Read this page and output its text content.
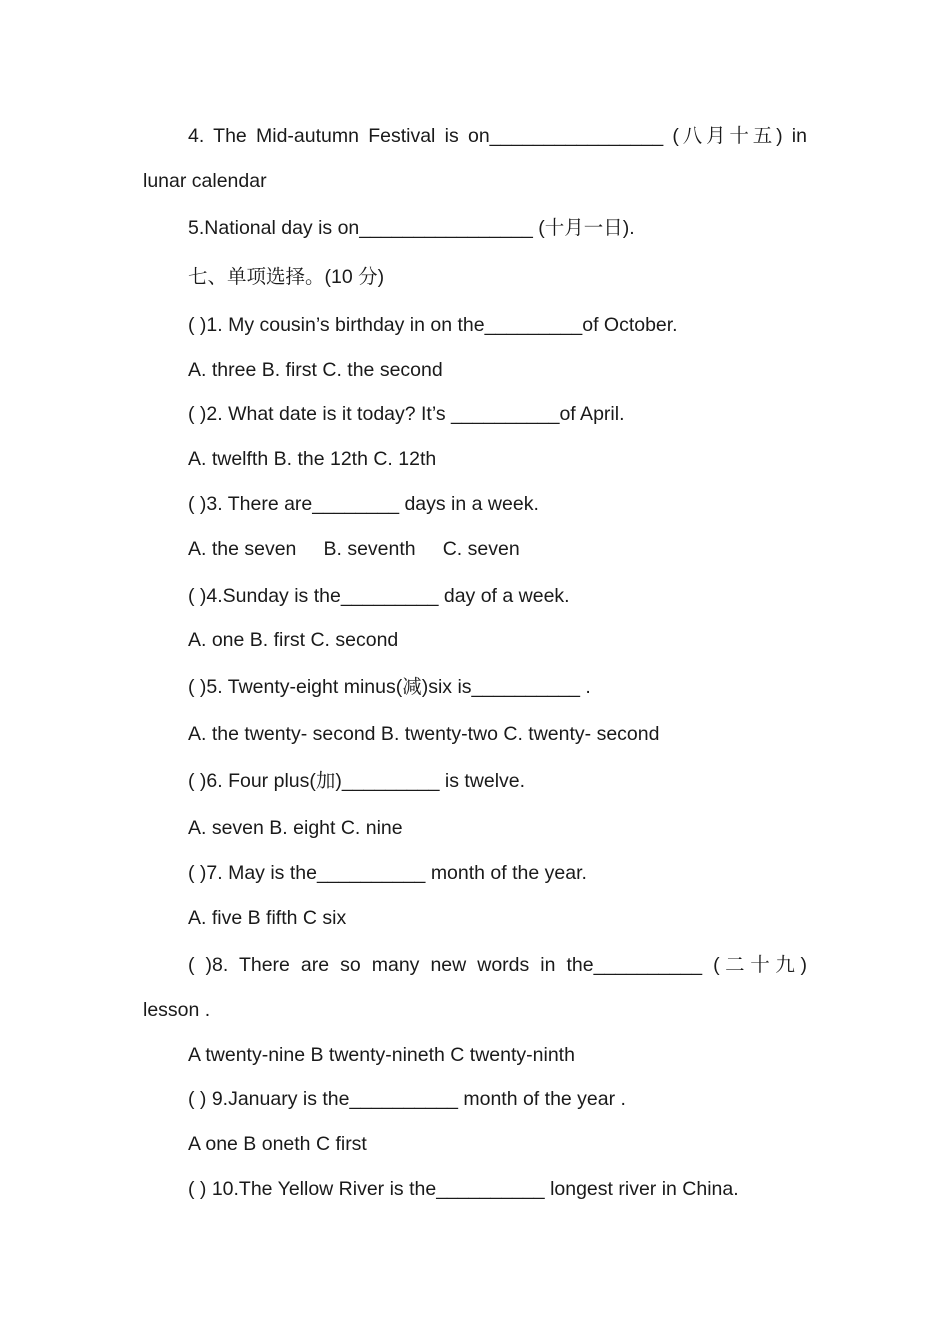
4. The Mid-autumn Festival is on________________ (八月十五) in
lunar calendar
5.National day is on________________ (十月一日).
七、单项选择。(10 分)
( )1. My cousin’s birthday in on the_________of October.
A. three B. first C. the second
( )2. What date is it today? It’s __________of April.
A. twelfth B. the 12th C. 12th
( )3. There are________ days in a week.
A. the seven     B. seventh     C. seven
( )4.Sunday is the_________ day of a week.
A. one B. first C. second
( )5. Twenty-eight minus(减)six is__________ .
A. the twenty- second B. twenty-two C. twenty- second
( )6. Four plus(加)_________ is twelve.
A. seven B. eight C. nine
( )7. May is the__________ month of the year.
A. five B fifth C six
( )8. There are so many new words in the__________ (二十九)
lesson .
A twenty-nine B twenty-nineth C twenty-ninth
( ) 9.January is the__________ month of the year .
A one B oneth C first
( ) 10.The Yellow River is the__________ longest river in China.
